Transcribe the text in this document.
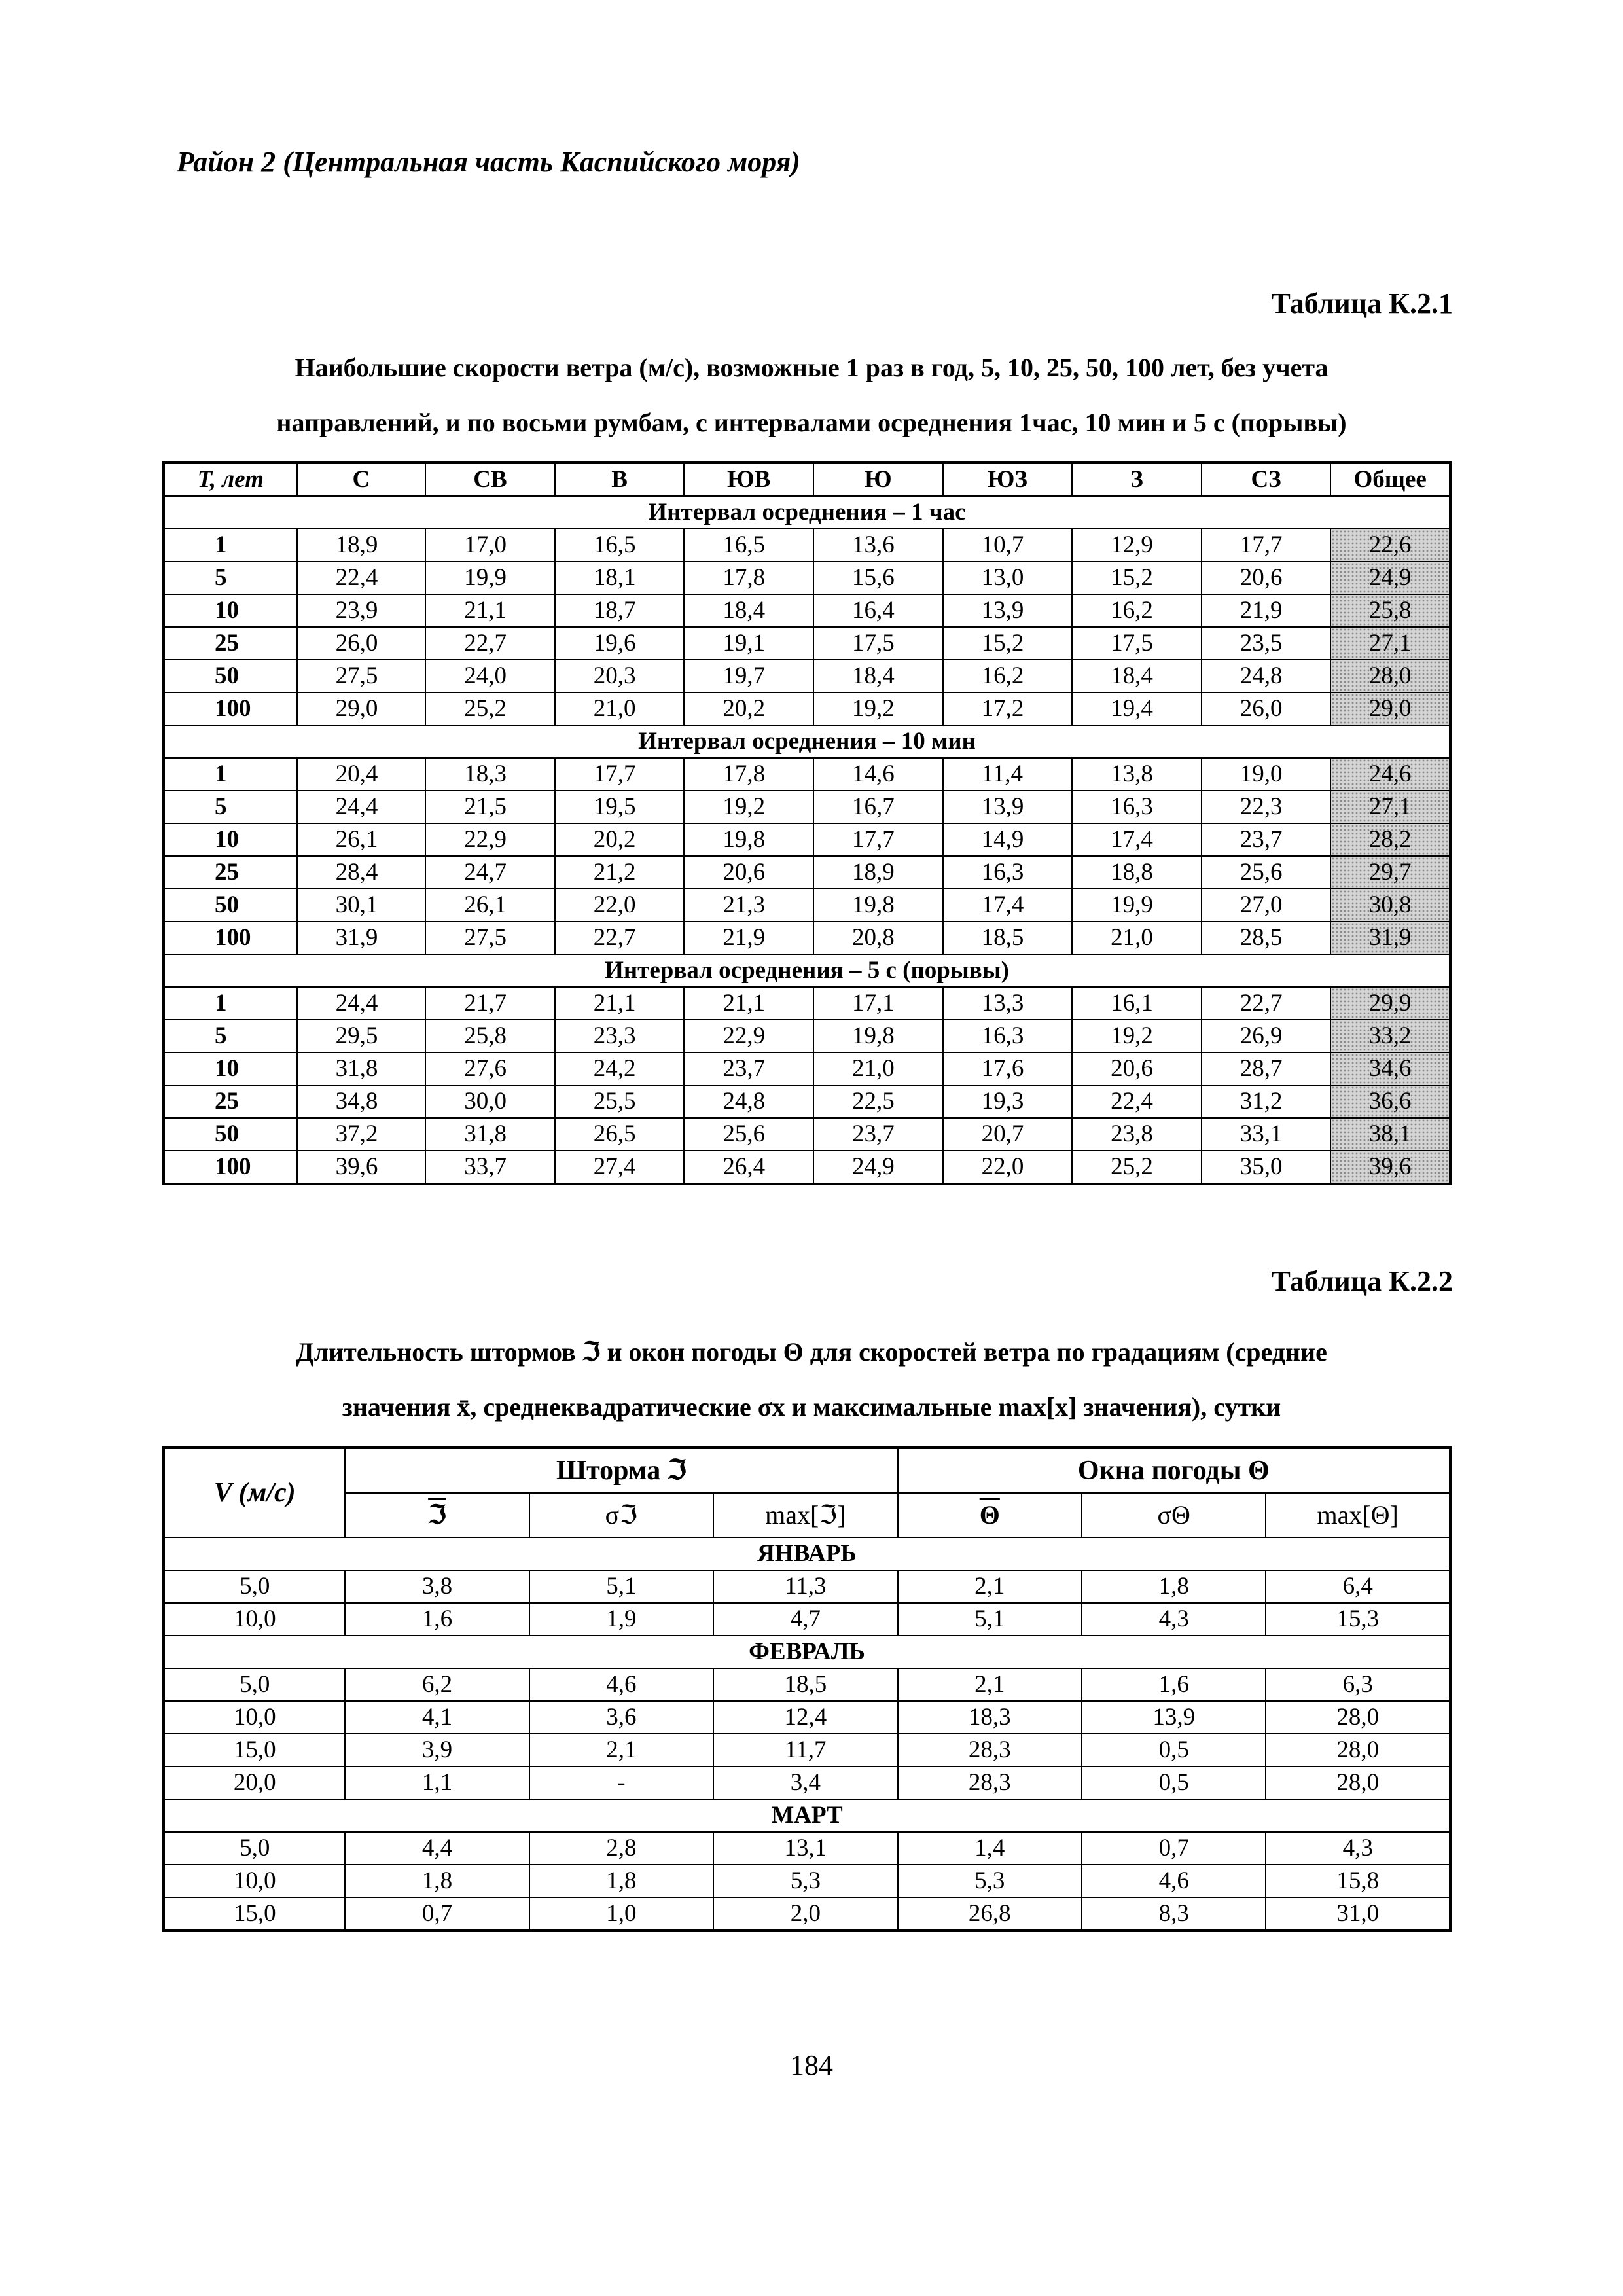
Район 2 (Центральная часть Каспийского моря)
Таблица К.2.1
Наибольшие скорости ветра (м/с), возможные 1 раз в год, 5, 10, 25, 50, 100 лет, без учета
направлений, и по восьми румбам, с интервалами осреднения 1час, 10 мин и 5 с (порывы)
T, лет	С	СВ	В	ЮВ	Ю	ЮЗ	З	СЗ	Общее
Интервал осреднения – 1 час									
1	18,9	17,0	16,5	16,5	13,6	10,7	12,9	17,7	22,6
5	22,4	19,9	18,1	17,8	15,6	13,0	15,2	20,6	24,9
10	23,9	21,1	18,7	18,4	16,4	13,9	16,2	21,9	25,8
25	26,0	22,7	19,6	19,1	17,5	15,2	17,5	23,5	27,1
50	27,5	24,0	20,3	19,7	18,4	16,2	18,4	24,8	28,0
100	29,0	25,2	21,0	20,2	19,2	17,2	19,4	26,0	29,0
Интервал осреднения – 10 мин									
1	20,4	18,3	17,7	17,8	14,6	11,4	13,8	19,0	24,6
5	24,4	21,5	19,5	19,2	16,7	13,9	16,3	22,3	27,1
10	26,1	22,9	20,2	19,8	17,7	14,9	17,4	23,7	28,2
25	28,4	24,7	21,2	20,6	18,9	16,3	18,8	25,6	29,7
50	30,1	26,1	22,0	21,3	19,8	17,4	19,9	27,0	30,8
100	31,9	27,5	22,7	21,9	20,8	18,5	21,0	28,5	31,9
Интервал осреднения – 5 с (порывы)									
1	24,4	21,7	21,1	21,1	17,1	13,3	16,1	22,7	29,9
5	29,5	25,8	23,3	22,9	19,8	16,3	19,2	26,9	33,2
10	31,8	27,6	24,2	23,7	21,0	17,6	20,6	28,7	34,6
25	34,8	30,0	25,5	24,8	22,5	19,3	22,4	31,2	36,6
50	37,2	31,8	26,5	25,6	23,7	20,7	23,8	33,1	38,1
100	39,6	33,7	27,4	26,4	24,9	22,0	25,2	35,0	39,6
Таблица К.2.2
Длительность штормов ℑ и окон погоды Θ для скоростей ветра по градациям (средние
значения x̄, среднеквадратические σx и максимальные max[x] значения), сутки
V (м/с)	Шторма ℑ			Окна погоды Θ		
	ℑ	σℑ	max[ℑ]	$\overline{\Theta}$	σΘ	max[Θ]
ЯНВАРЬ						
5,0	3,8	5,1	11,3	2,1	1,8	6,4
10,0	1,6	1,9	4,7	5,1	4,3	15,3
ФЕВРАЛЬ						
5,0	6,2	4,6	18,5	2,1	1,6	6,3
10,0	4,1	3,6	12,4	18,3	13,9	28,0
15,0	3,9	2,1	11,7	28,3	0,5	28,0
20,0	1,1	-	3,4	28,3	0,5	28,0
МАРТ						
5,0	4,4	2,8	13,1	1,4	0,7	4,3
10,0	1,8	1,8	5,3	5,3	4,6	15,8
15,0	0,7	1,0	2,0	26,8	8,3	31,0
184
